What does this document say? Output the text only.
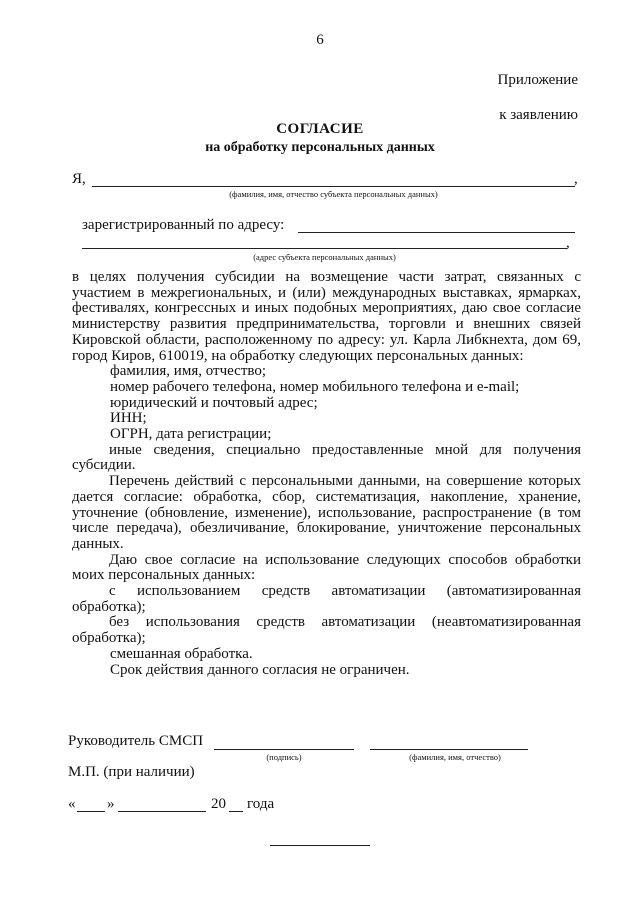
6
Приложение
к заявлению
СОГЛАСИЕ
на обработку персональных данных
Я,	,
(фамилия, имя, отчество субъекта персональных данных)
зарегистрированный по адресу:
,
(адрес субъекта персональных данных)

в целях получения субсидии на возмещение части затрат, связанных с участием в межрегиональных, и (или) международных выставках, ярмарках, фестивалях, конгрессных и иных подобных мероприятиях, даю свое согласие министерству развития предпринимательства, торговли и внешних связей Кировской области, расположенному по адресу: ул. Карла Либкнехта, дом 69, город Киров, 610019, на обработку следующих персональных данных:

фамилия, имя, отчество;

номер рабочего телефона, номер мобильного телефона и e-mail;

юридический и почтовый адрес;

ИНН;

ОГРН, дата регистрации;

иные сведения, специально предоставленные мной для получения субсидии.

Перечень действий с персональными данными, на совершение которых дается согласие: обработка, сбор, систематизация, накопление, хранение, уточнение (обновление, изменение), использование, распространение (в том числе передача), обезличивание, блокирование, уничтожение персональных данных.

Даю свое согласие на использование следующих способов обработки моих персональных данных:

с использованием средств автоматизации (автоматизированная обработка);

без использования средств автоматизации (неавтоматизированная обработка);

смешанная обработка.

Срок действия данного согласия не ограничен.

Руководитель СМСП
(подпись)	(фамилия, имя, отчество)
М.П. (при наличии)
« »	20 года
